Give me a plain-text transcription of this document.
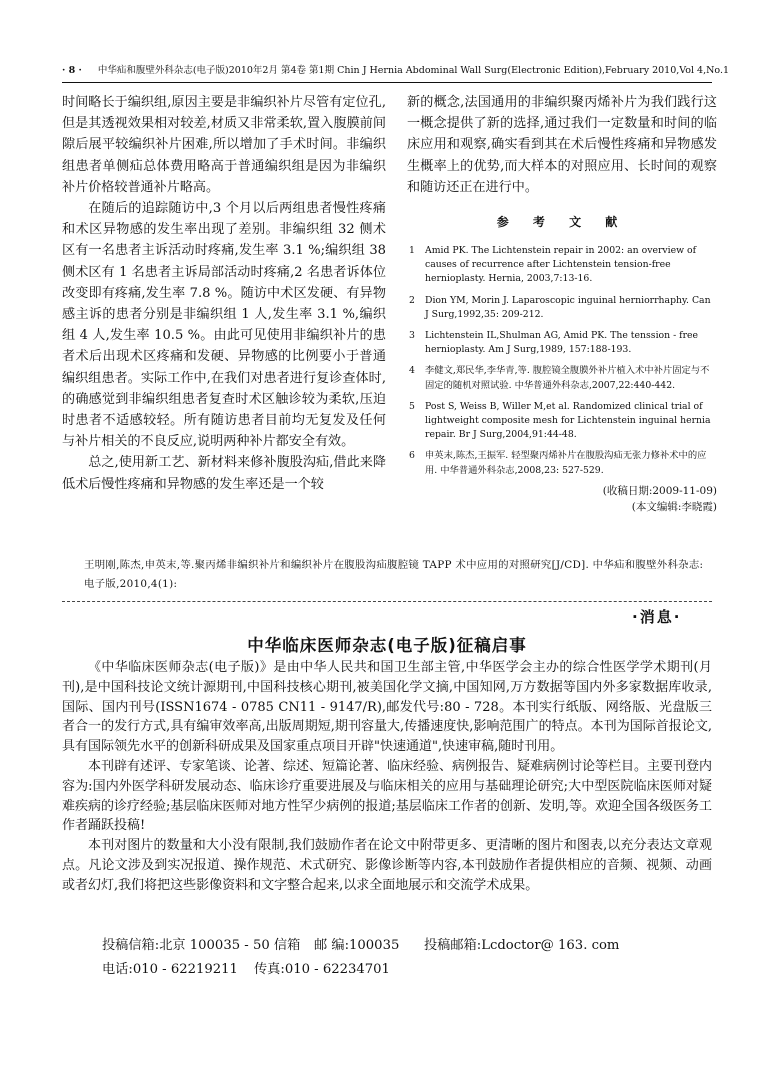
· 8 · 中华疝和腹壁外科杂志(电子版)2010年2月 第4卷 第1期 Chin J Hernia Abdominal Wall Surg(Electronic Edition),February 2010,Vol 4,No.1

时间略长于编织组,原因主要是非编织补片尽管有定位孔,但是其透视效果相对较差,材质又非常柔软,置入腹膜前间隙后展平较编织补片困难,所以增加了手术时间。非编织组患者单侧疝总体费用略高于普通编织组是因为非编织补片价格较普通补片略高。

在随后的追踪随访中,3 个月以后两组患者慢性疼痛和术区异物感的发生率出现了差别。非编织组 32 侧术区有一名患者主诉活动时疼痛,发生率 3.1 %;编织组 38 侧术区有 1 名患者主诉局部活动时疼痛,2 名患者诉体位改变即有疼痛,发生率 7.8 %。随访中术区发硬、有异物感主诉的患者分别是非编织组 1 人,发生率 3.1 %,编织组 4 人,发生率 10.5 %。由此可见使用非编织补片的患者术后出现术区疼痛和发硬、异物感的比例要小于普通编织组患者。实际工作中,在我们对患者进行复诊查体时,的确感觉到非编织组患者复查时术区触诊较为柔软,压迫时患者不适感较轻。所有随访患者目前均无复发及任何与补片相关的不良反应,说明两种补片都安全有效。

总之,使用新工艺、新材料来修补腹股沟疝,借此来降低术后慢性疼痛和异物感的发生率还是一个较

新的概念,法国通用的非编织聚丙烯补片为我们践行这一概念提供了新的选择,通过我们一定数量和时间的临床应用和观察,确实看到其在术后慢性疼痛和异物感发生概率上的优势,而大样本的对照应用、长时间的观察和随访还正在进行中。

参 考 文 献
1 Amid PK. The Lichtenstein repair in 2002: an overview of causes of recurrence after Lichtenstein tension-free hernioplasty. Hernia, 2003,7:13-16.
2 Dion YM, Morin J. Laparoscopic inguinal herniorrhaphy. Can J Surg,1992,35: 209-212.
3 Lichtenstein IL,Shulman AG, Amid PK. The tenssion - free hernioplasty. Am J Surg,1989, 157:188-193.
4 李健文,郑民华,李华青,等. 腹腔镜全腹膜外补片植入术中补片固定与不固定的随机对照试验. 中华普通外科杂志,2007,22:440-442.
5 Post S, Weiss B, Willer M,et al. Randomized clinical trial of lightweight composite mesh for Lichtenstein inguinal hernia repair. Br J Surg,2004,91:44-48.
6 申英末,陈杰,王振军. 轻型聚丙烯补片在腹股沟疝无张力修补术中的应用. 中华普通外科杂志,2008,23: 527-529.
(收稿日期:2009-11-09)
(本文编辑:李晓霞)
王明刚,陈杰,申英末,等.聚丙烯非编织补片和编织补片在腹股沟疝腹腔镜 TAPP 术中应用的对照研究[J/CD]. 中华疝和腹壁外科杂志:电子版,2010,4(1):
·消息·
中华临床医师杂志(电子版)征稿启事

《中华临床医师杂志(电子版)》是由中华人民共和国卫生部主管,中华医学会主办的综合性医学学术期刊(月刊),是中国科技论文统计源期刊,中国科技核心期刊,被美国化学文摘,中国知网,万方数据等国内外多家数据库收录,国际、国内刊号(ISSN1674 - 0785 CN11 - 9147/R),邮发代号:80 - 728。本刊实行纸版、网络版、光盘版三者合一的发行方式,具有编审效率高,出版周期短,期刊容量大,传播速度快,影响范围广的特点。本刊为国际首报论文,具有国际领先水平的创新科研成果及国家重点项目开辟"快速通道",快速审稿,随时刊用。

本刊辟有述评、专家笔谈、论著、综述、短篇论著、临床经验、病例报告、疑难病例讨论等栏目。主要刊登内容为:国内外医学科研发展动态、临床诊疗重要进展及与临床相关的应用与基础理论研究;大中型医院临床医师对疑难疾病的诊疗经验;基层临床医师对地方性罕少病例的报道;基层临床工作者的创新、发明,等。欢迎全国各级医务工作者踊跃投稿!

本刊对图片的数量和大小没有限制,我们鼓励作者在论文中附带更多、更清晰的图片和图表,以充分表达文章观点。凡论文涉及到实况报道、操作规范、术式研究、影像诊断等内容,本刊鼓励作者提供相应的音频、视频、动画或者幻灯,我们将把这些影像资料和文字整合起来,以求全面地展示和交流学术成果。

投稿信箱:北京 100035 - 50 信箱 邮 编:100035 投稿邮箱:Lcdoctor@ 163. com
电话:010 - 62219211 传真:010 - 62234701
